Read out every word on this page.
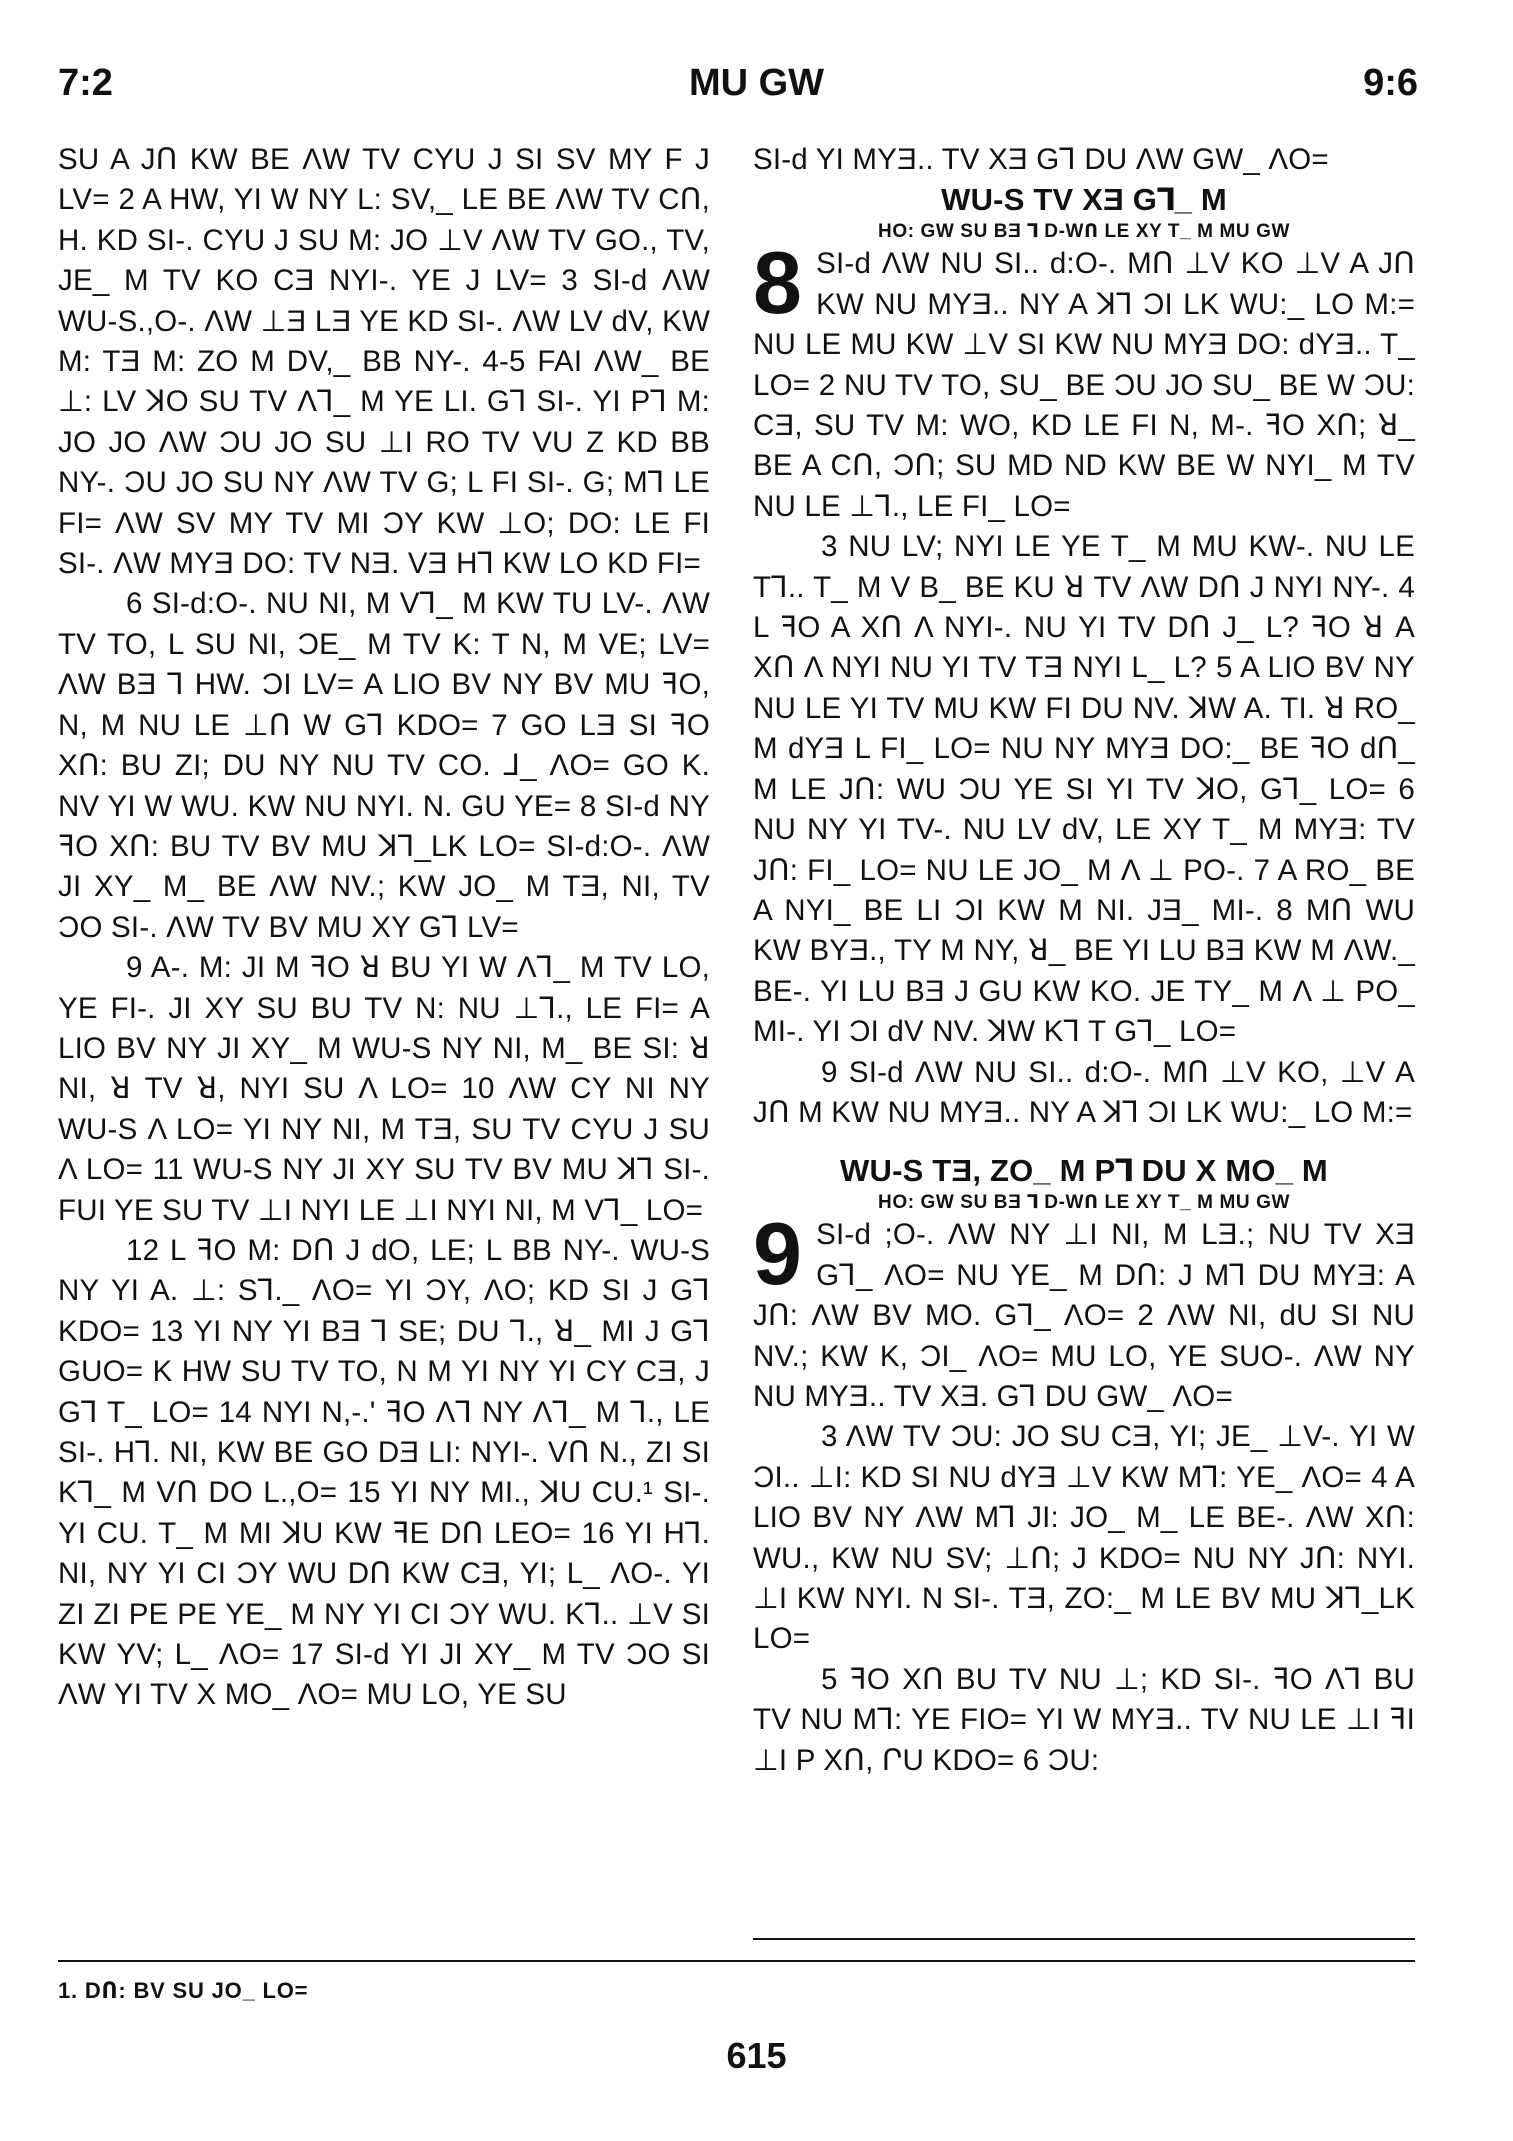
7:2	MU GW	9:6

SU A JՈ KW BE ΛW TV CYU J SI SV MY F J LV= 2 A HW, YI W NY L: SV,_ LE BE ΛW TV CՈ, H. KD SI-. CYU J SU M: JO ⊥V ΛW TV GO., TV, JE_ M TV KO CƎ NYI-. YE J LV= 3 SI-d ΛW WU-S.,O-. ΛW ⊥Ǝ LƎ YE KD SI-. ΛW LV dV, KW M: TƎ M: ZO M DV,_ BB NY-. 4-5 FAI ΛW_ BE ⊥: LV ꓘO SU TV Λ⅂_ M YE LI. G⅂ SI-. YI P⅂ M: JO JO ΛW ƆU JO SU ⊥I RO TV VU Z KD BB NY-. ƆU JO SU NY ΛW TV G; L FI SI-. G; M⅂ LE FI= ΛW SV MY TV MI ƆY KW ⊥O; DO: LE FI SI-. ΛW MYƎ DO: TV NƎ. VƎ H⅂ KW LO KD FI=

6 SI-d:O-. NU NI, M V⅂_ M KW TU LV-. ΛW TV TO, L SU NI, ƆE_ M TV K: T N, M VE; LV= ΛW BƎ ⅂ HW. ƆI LV= A LIO BV NY BV MU ꟻO, N, M NU LE ⊥Ո W G⅂ KDO= 7 GO LƎ SI ꟻO XՈ: BU ZI; DU NY NU TV CO. ⅃_ ΛO= GO K. NV YI W WU. KW NU NYI. N. GU YE= 8 SI-d NY ꟻO XՈ: BU TV BV MU ꓘ⅂_LK LO= SI-d:O-. ΛW JI XY_ M_ BE ΛW NV.; KW JO_ M TƎ, NI, TV ƆO SI-. ΛW TV BV MU XY G⅂ LV=

9 A-. M: JI M ꟻO ꓤ BU YI W Λ⅂_ M TV LO, YE FI-. JI XY SU BU TV N: NU ⊥⅂., LE FI= A LIO BV NY JI XY_ M WU-S NY NI, M_ BE SI: ꓤ NI, ꓤ TV ꓤ, NYI SU Λ LO= 10 ΛW CY NI NY WU-S Λ LO= YI NY NI, M TƎ, SU TV CYU J SU Λ LO= 11 WU-S NY JI XY SU TV BV MU ꓘ⅂ SI-. FUI YE SU TV ⊥I NYI LE ⊥I NYI NI, M V⅂_ LO=

12 L ꟻO M: DՈ J dO, LE; L BB NY-. WU-S NY YI A. ⊥: S⅂._ ΛO= YI ƆY, ΛO; KD SI J G⅂ KDO= 13 YI NY YI BƎ ⅂ SE; DU ⅂., ꓤ_ MI J G⅂ GUO= K HW SU TV TO, N M YI NY YI CY CƎ, J G⅂ T_ LO= 14 NYI N,-.' ꟻO Λ⅂ NY Λ⅂_ M ⅂., LE SI-. H⅂. NI, KW BE GO DƎ LI: NYI-. VՈ N., ZI SI K⅂_ M VՈ DO L.,O= 15 YI NY MI., ꓘU CU.¹ SI-. YI CU. T_ M MI ꓘU KW ꟻE DՈ LEO= 16 YI H⅂. NI, NY YI CI ƆY WU DՈ KW CƎ, YI; L_ ΛO-. YI ZI ZI PE PE YE_ M NY YI CI ƆY WU. K⅂.. ⊥V SI KW YV; L_ ΛO= 17 SI-d YI JI XY_ M TV ƆO SI ΛW YI TV X MO_ ΛO= MU LO, YE SU

SI-d YI MYƎ.. TV XƎ G⅂ DU ΛW GW_ ΛO=

WU-S TV XƎ G⅂_ M
HO: GW SU BƎ ⅂ D-WՈ LE XY T_ M MU GW

8 SI-d ΛW NU SI.. d:O-. MՈ ⊥V KO ⊥V A JՈ KW NU MYƎ.. NY A ꓘ⅂ ƆI LK WU:_ LO M:= NU LE MU KW ⊥V SI KW NU MYƎ DO: dYƎ.. T_ LO= 2 NU TV TO, SU_ BE ƆU JO SU_ BE W ƆU: CƎ, SU TV M: WO, KD LE FI N, M-. ꟻO XՈ; ꓤ_ BE A CՈ, ƆՈ; SU MD ND KW BE W NYI_ M TV NU LE ⊥⅂., LE FI_ LO=

3 NU LV; NYI LE YE T_ M MU KW-. NU LE T⅂.. T_ M V B_ BE KU ꓤ TV ΛW DՈ J NYI NY-. 4 L ꟻO A XՈ Λ NYI-. NU YI TV DՈ J_ L? ꟻO ꓤ A XՈ Λ NYI NU YI TV TƎ NYI L_ L? 5 A LIO BV NY NU LE YI TV MU KW FI DU NV. ꓘW A. TI. ꓤ RO_ M dYƎ L FI_ LO= NU NY MYƎ DO:_ BE ꟻO dՈ_ M LE JՈ: WU ƆU YE SI YI TV ꓘO, G⅂_ LO= 6 NU NY YI TV-. NU LV dV, LE XY T_ M MYƎ: TV JՈ: FI_ LO= NU LE JO_ M Λ ⊥ PO-. 7 A RO_ BE A NYI_ BE LI ƆI KW M NI. JƎ_ MI-. 8 MՈ WU KW BYƎ., TY M NY, ꓤ_ BE YI LU BƎ KW M ΛW._ BE-. YI LU BƎ J GU KW KO. JE TY_ M Λ ⊥ PO_ MI-. YI ƆI dV NV. ꓘW K⅂ T G⅂_ LO=

9 SI-d ΛW NU SI.. d:O-. MՈ ⊥V KO, ⊥V A JՈ M KW NU MYƎ.. NY A ꓘ⅂ ƆI LK WU:_ LO M:=

WU-S TƎ, ZO_ M P⅂ DU X MO_ M
HO: GW SU BƎ ⅂ D-WՈ LE XY T_ M MU GW

9 SI-d ;O-. ΛW NY ⊥I NI, M LƎ.; NU TV XƎ G⅂_ ΛO= NU YE_ M DՈ: J M⅂ DU MYƎ: A JՈ: ΛW BV MO. G⅂_ ΛO= 2 ΛW NI, dU SI NU NV.; KW K, ƆI_ ΛO= MU LO, YE SUO-. ΛW NY NU MYƎ.. TV XƎ. G⅂ DU GW_ ΛO=

3 ΛW TV ƆU: JO SU CƎ, YI; JE_ ⊥V-. YI W ƆI.. ⊥I: KD SI NU dYƎ ⊥V KW M⅂: YE_ ΛO= 4 A LIO BV NY ΛW M⅂ JI: JO_ M_ LE BE-. ΛW XՈ: WU., KW NU SV; ⊥Ո; J KDO= NU NY JՈ: NYI. ⊥I KW NYI. N SI-. TƎ, ZO:_ M LE BV MU ꓘ⅂_LK LO=

5 ꟻO XՈ BU TV NU ⊥; KD SI-. ꟻO Λ⅂ BU TV NU M⅂: YE FIO= YI W MYƎ.. TV NU LE ⊥I ꟻI ⊥I P XՈ, ՐU KDO= 6 ƆU:

1. DՈ: BV SU JO_ LO=
615
